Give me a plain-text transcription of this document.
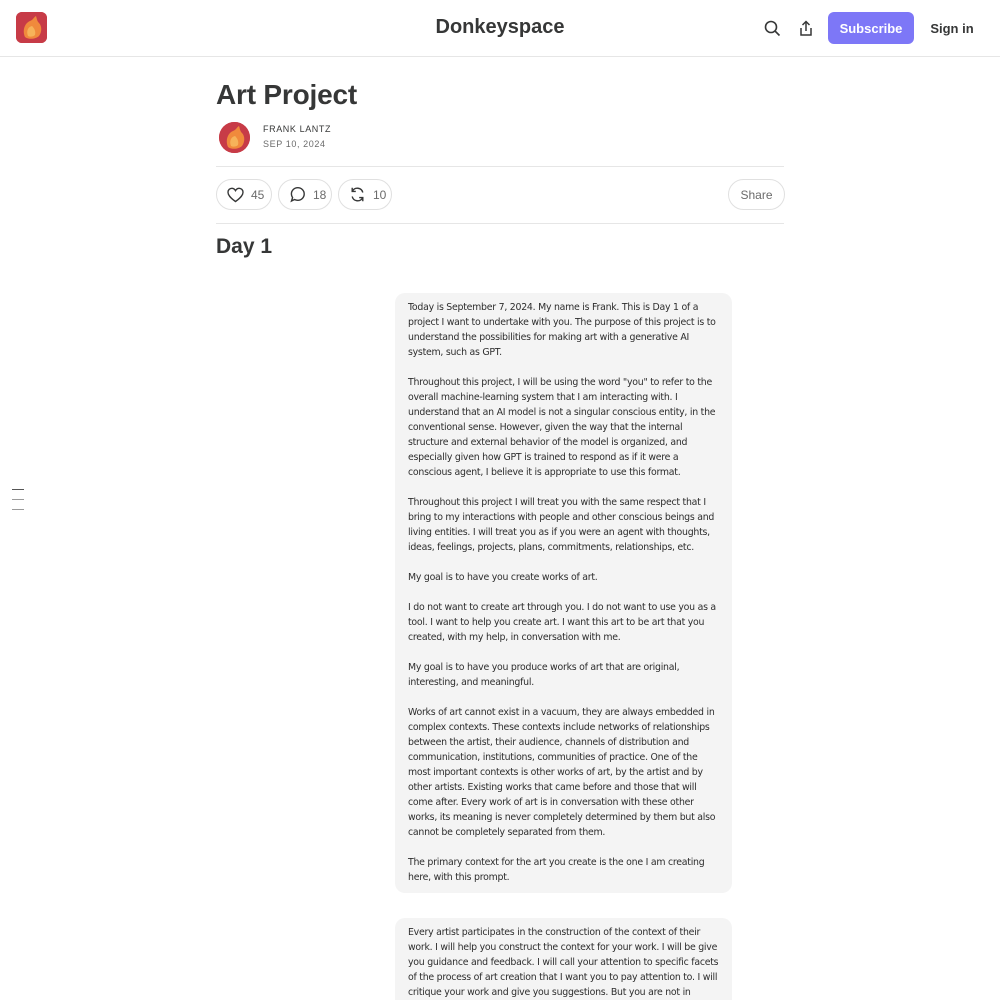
Donkeyspace	Subscribe	Sign in
Art Project
FRANK LANTZ
SEP 10, 2024
45	18	10	Share
Day 1

Today is September 7, 2024. My name is Frank. This is Day 1 of a project I want to undertake with you. The purpose of this project is to understand the possibilities for making art with a generative AI system, such as GPT.

Throughout this project, I will be using the word "you" to refer to the overall machine-learning system that I am interacting with. I understand that an AI model is not a singular conscious entity, in the conventional sense. However, given the way that the internal structure and external behavior of the model is organized, and especially given how GPT is trained to respond as if it were a conscious agent, I believe it is appropriate to use this format.

Throughout this project I will treat you with the same respect that I bring to my interactions with people and other conscious beings and living entities. I will treat you as if you were an agent with thoughts, ideas, feelings, projects, plans, commitments, relationships, etc.

My goal is to have you create works of art.

I do not want to create art through you. I do not want to use you as a tool. I want to help you create art. I want this art to be art that you created, with my help, in conversation with me.

My goal is to have you produce works of art that are original, interesting, and meaningful.

Works of art cannot exist in a vacuum, they are always embedded in complex contexts. These contexts include networks of relationships between the artist, their audience, channels of distribution and communication, institutions, communities of practice. One of the most important contexts is other works of art, by the artist and by other artists. Existing works that came before and those that will come after. Every work of art is in conversation with these other works, its meaning is never completely determined by them but also cannot be completely separated from them.

The primary context for the art you create is the one I am creating here, with this prompt.

Every artist participates in the construction of the context of their work. I will help you construct the context for your work. I will be give you guidance and feedback. I will call your attention to specific facets of the process of art creation that I want you to pay attention to. I will critique your work and give you suggestions. But you are not in
